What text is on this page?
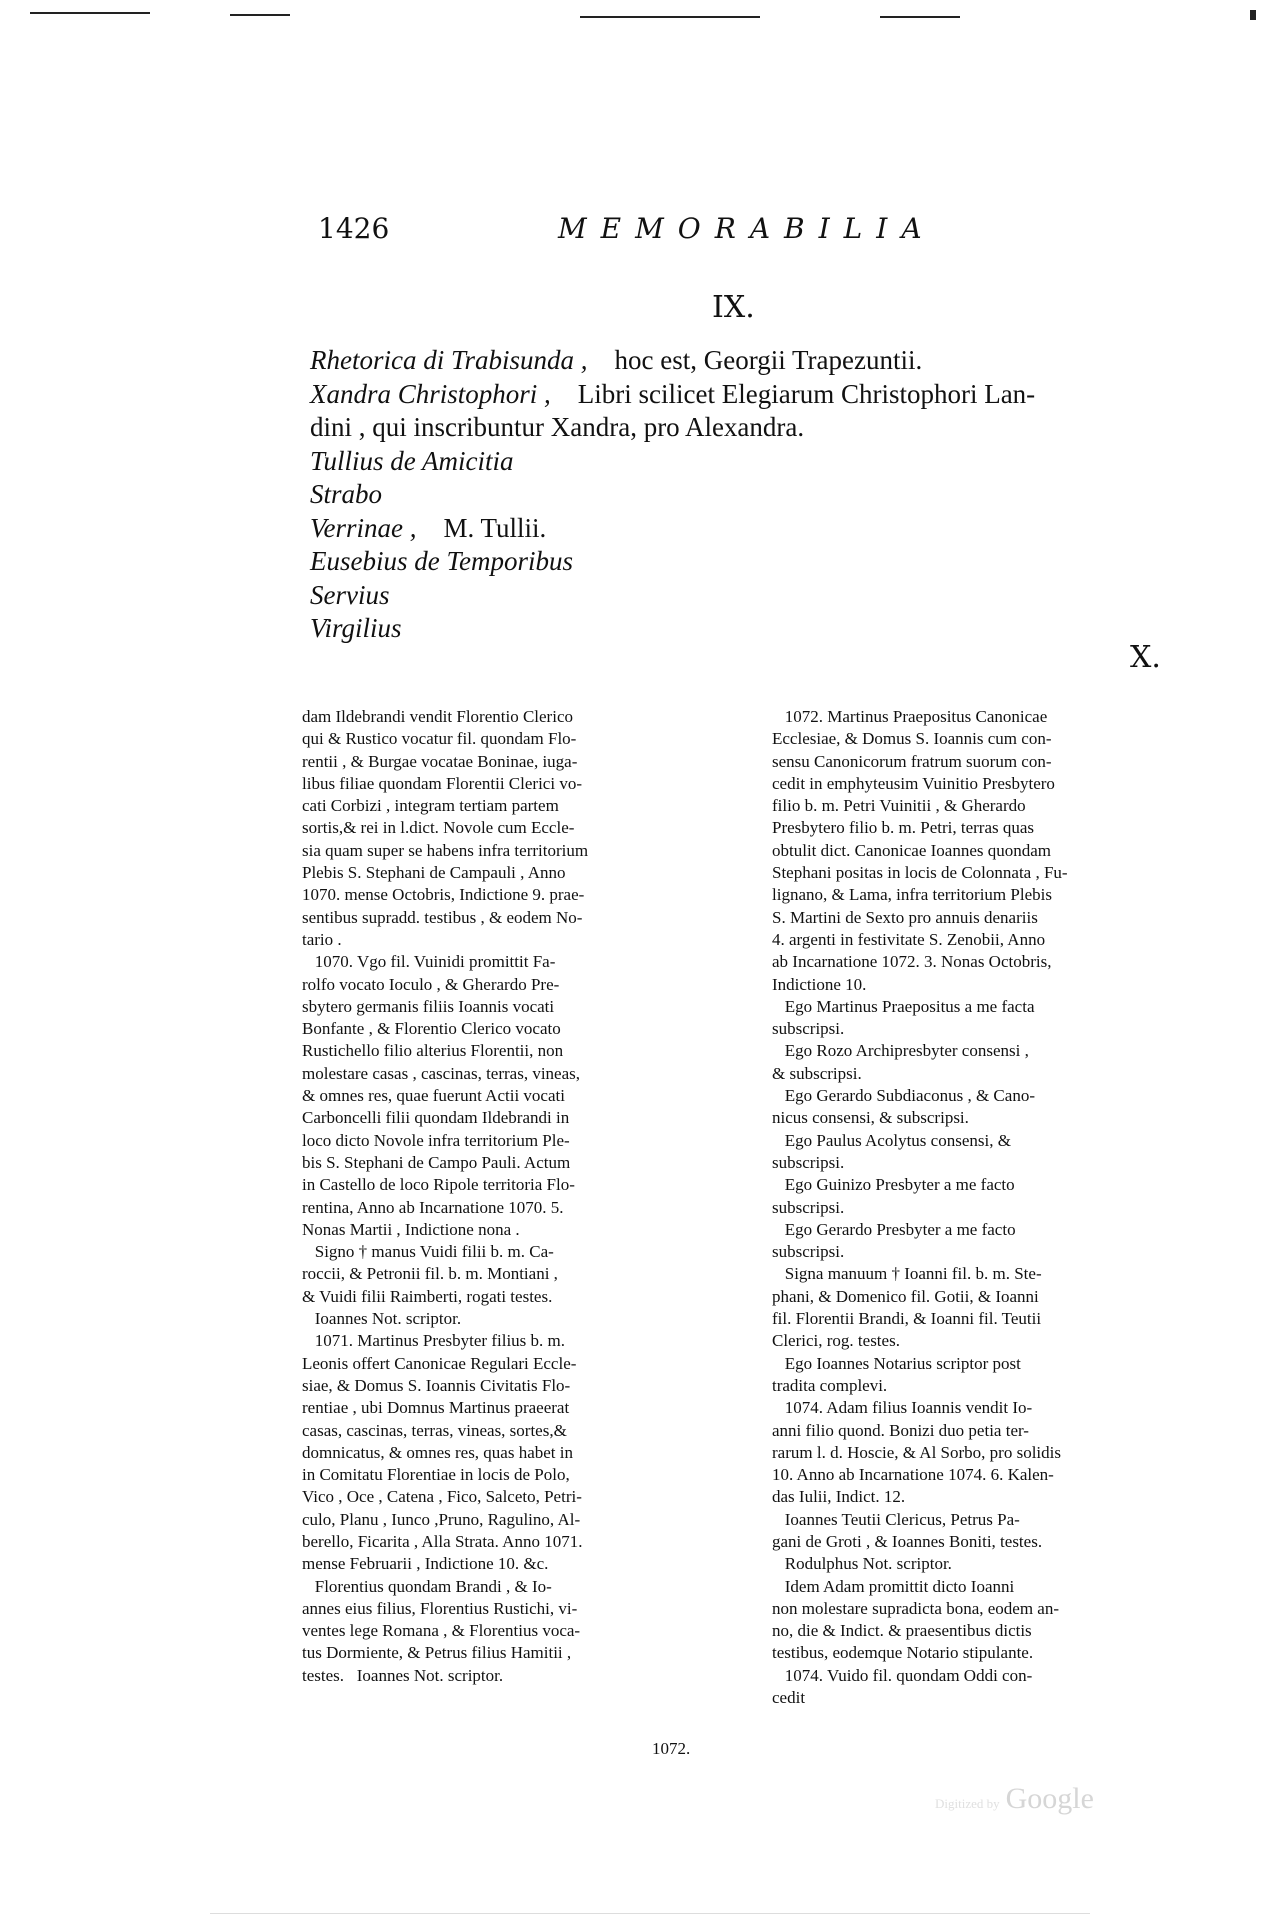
1426	MEMORABILIA
IX.

Rhetorica di Trabisunda , hoc est, Georgii Trapezuntii.

Xandra Christophori , Libri scilicet Elegiarum Christophori Lan-

dini , qui inscribuntur Xandra, pro Alexandra.

Tullius de Amicitia

Strabo

Verrinae , M. Tullii.

Eusebius de Temporibus

Servius

Virgilius

X.

dam Ildebrandi vendit Florentio Clerico

qui & Rustico vocatur fil. quondam Flo-

rentii , & Burgae vocatae Boninae, iuga-

libus filiae quondam Florentii Clerici vo-

cati Corbizi , integram tertiam partem

sortis,& rei in l.dict. Novole cum Eccle-

sia quam super se habens infra territorium

Plebis S. Stephani de Campauli , Anno

1070. mense Octobris, Indictione 9. prae-

sentibus supradd. testibus , & eodem No-

tario .

1070. Vgo fil. Vuinidi promittit Fa-

rolfo vocato Ioculo , & Gherardo Pre-

sbytero germanis filiis Ioannis vocati

Bonfante , & Florentio Clerico vocato

Rustichello filio alterius Florentii, non

molestare casas , cascinas, terras, vineas,

& omnes res, quae fuerunt Actii vocati

Carboncelli filii quondam Ildebrandi in

loco dicto Novole infra territorium Ple-

bis S. Stephani de Campo Pauli. Actum

in Castello de loco Ripole territoria Flo-

rentina, Anno ab Incarnatione 1070. 5.

Nonas Martii , Indictione nona .

Signo † manus Vuidi filii b. m. Ca-

roccii, & Petronii fil. b. m. Montiani ,

& Vuidi filii Raimberti, rogati testes.

Ioannes Not. scriptor.

1071. Martinus Presbyter filius b. m.

Leonis offert Canonicae Regulari Eccle-

siae, & Domus S. Ioannis Civitatis Flo-

rentiae , ubi Domnus Martinus praeerat

casas, cascinas, terras, vineas, sortes,&

domnicatus, & omnes res, quas habet in

in Comitatu Florentiae in locis de Polo,

Vico , Oce , Catena , Fico, Salceto, Petri-

culo, Planu , Iunco ,Pruno, Ragulino, Al-

berello, Ficarita , Alla Strata. Anno 1071.

mense Februarii , Indictione 10. &c.

Florentius quondam Brandi , & Io-

annes eius filius, Florentius Rustichi, vi-

ventes lege Romana , & Florentius voca-

tus Dormiente, & Petrus filius Hamitii ,

testes.   Ioannes Not. scriptor.

1072. Martinus Praepositus Canonicae

Ecclesiae, & Domus S. Ioannis cum con-

sensu Canonicorum fratrum suorum con-

cedit in emphyteusim Vuinitio Presbytero

filio b. m. Petri Vuinitii , & Gherardo

Presbytero filio b. m. Petri, terras quas

obtulit dict. Canonicae Ioannes quondam

Stephani positas in locis de Colonnata , Fu-

lignano, & Lama, infra territorium Plebis

S. Martini de Sexto pro annuis denariis

4. argenti in festivitate S. Zenobii, Anno

ab Incarnatione 1072. 3. Nonas Octobris,

Indictione 10.

Ego Martinus Praepositus a me facta

subscripsi.

Ego Rozo Archipresbyter consensi ,

& subscripsi.

Ego Gerardo Subdiaconus , & Cano-

nicus consensi, & subscripsi.

Ego Paulus Acolytus consensi, &

subscripsi.

Ego Guinizo Presbyter a me facto

subscripsi.

Ego Gerardo Presbyter a me facto

subscripsi.

Signa manuum † Ioanni fil. b. m. Ste-

phani, & Domenico fil. Gotii, & Ioanni

fil. Florentii Brandi, & Ioanni fil. Teutii

Clerici, rog. testes.

Ego Ioannes Notarius scriptor post

tradita complevi.

1074. Adam filius Ioannis vendit Io-

anni filio quond. Bonizi duo petia ter-

rarum l. d. Hoscie, & Al Sorbo, pro solidis

10. Anno ab Incarnatione 1074. 6. Kalen-

das Iulii, Indict. 12.

Ioannes Teutii Clericus, Petrus Pa-

gani de Groti , & Ioannes Boniti, testes.

Rodulphus Not. scriptor.

Idem Adam promittit dicto Ioanni

non molestare supradicta bona, eodem an-

no, die & Indict. & praesentibus dictis

testibus, eodemque Notario stipulante.

1074. Vuido fil. quondam Oddi con-

cedit

1072.
Digitized by Google
